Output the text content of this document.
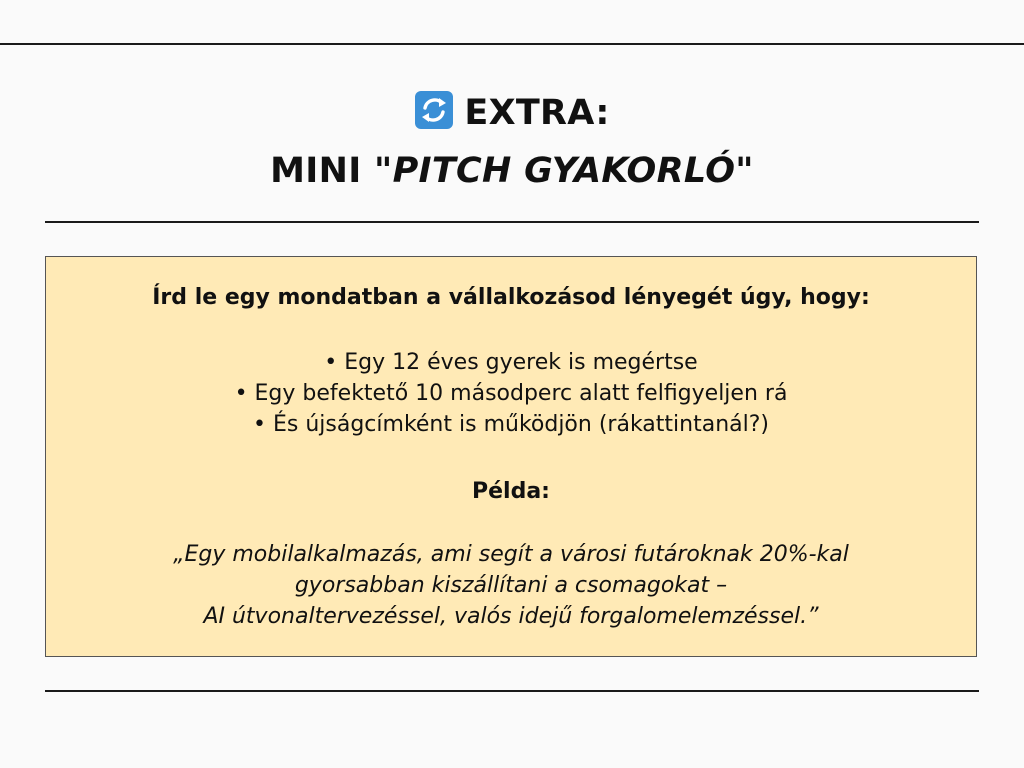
EXTRA:
MINI "PITCH GYAKORLÓ"
Írd le egy mondatban a vállalkozásod lényegét úgy, hogy:
• Egy 12 éves gyerek is megértse
• Egy befektető 10 másodperc alatt felfigyeljen rá
• És újságcímként is működjön (rákattintanál?)
Példa:
„Egy mobilalkalmazás, ami segít a városi futároknak 20%-kal
gyorsabban kiszállítani a csomagokat –
AI útvonaltervezéssel, valós idejű forgalomelemzéssel.”
